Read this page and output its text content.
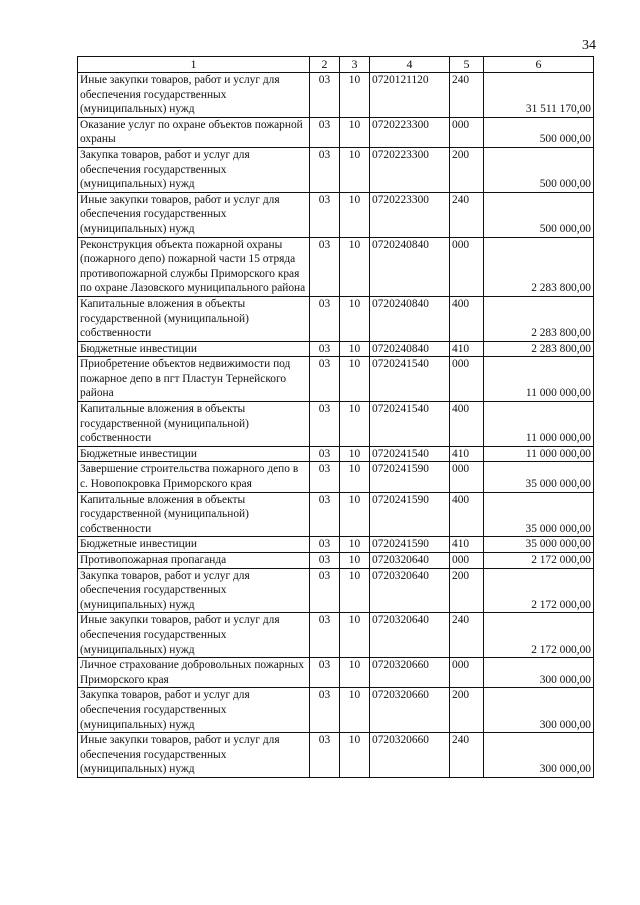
34
1	2	3	4	5	6
Иные закупки товаров, работ и услуг для обеспечения государственных (муниципальных) нужд	03	10	0720121120	240	31 511 170,00
Оказание услуг по охране объектов пожарной охраны	03	10	0720223300	000	500 000,00
Закупка товаров, работ и услуг для обеспечения государственных (муниципальных) нужд	03	10	0720223300	200	500 000,00
Иные закупки товаров, работ и услуг для обеспечения государственных (муниципальных) нужд	03	10	0720223300	240	500 000,00
Реконструкция объекта пожарной охраны (пожарного депо) пожарной части 15 отряда противопожарной службы Приморского края по охране Лазовского муниципального района	03	10	0720240840	000	2 283 800,00
Капитальные вложения в объекты государственной (муниципальной) собственности	03	10	0720240840	400	2 283 800,00
Бюджетные инвестиции	03	10	0720240840	410	2 283 800,00
Приобретение объектов недвижимости под пожарное депо в пгт Пластун Тернейского района	03	10	0720241540	000	11 000 000,00
Капитальные вложения в объекты государственной (муниципальной) собственности	03	10	0720241540	400	11 000 000,00
Бюджетные инвестиции	03	10	0720241540	410	11 000 000,00
Завершение строительства пожарного депо в с. Новопокровка Приморского края	03	10	0720241590	000	35 000 000,00
Капитальные вложения в объекты государственной (муниципальной) собственности	03	10	0720241590	400	35 000 000,00
Бюджетные инвестиции	03	10	0720241590	410	35 000 000,00
Противопожарная пропаганда	03	10	0720320640	000	2 172 000,00
Закупка товаров, работ и услуг для обеспечения государственных (муниципальных) нужд	03	10	0720320640	200	2 172 000,00
Иные закупки товаров, работ и услуг для обеспечения государственных (муниципальных) нужд	03	10	0720320640	240	2 172 000,00
Личное страхование добровольных пожарных Приморского края	03	10	0720320660	000	300 000,00
Закупка товаров, работ и услуг для обеспечения государственных (муниципальных) нужд	03	10	0720320660	200	300 000,00
Иные закупки товаров, работ и услуг для обеспечения государственных (муниципальных) нужд	03	10	0720320660	240	300 000,00
